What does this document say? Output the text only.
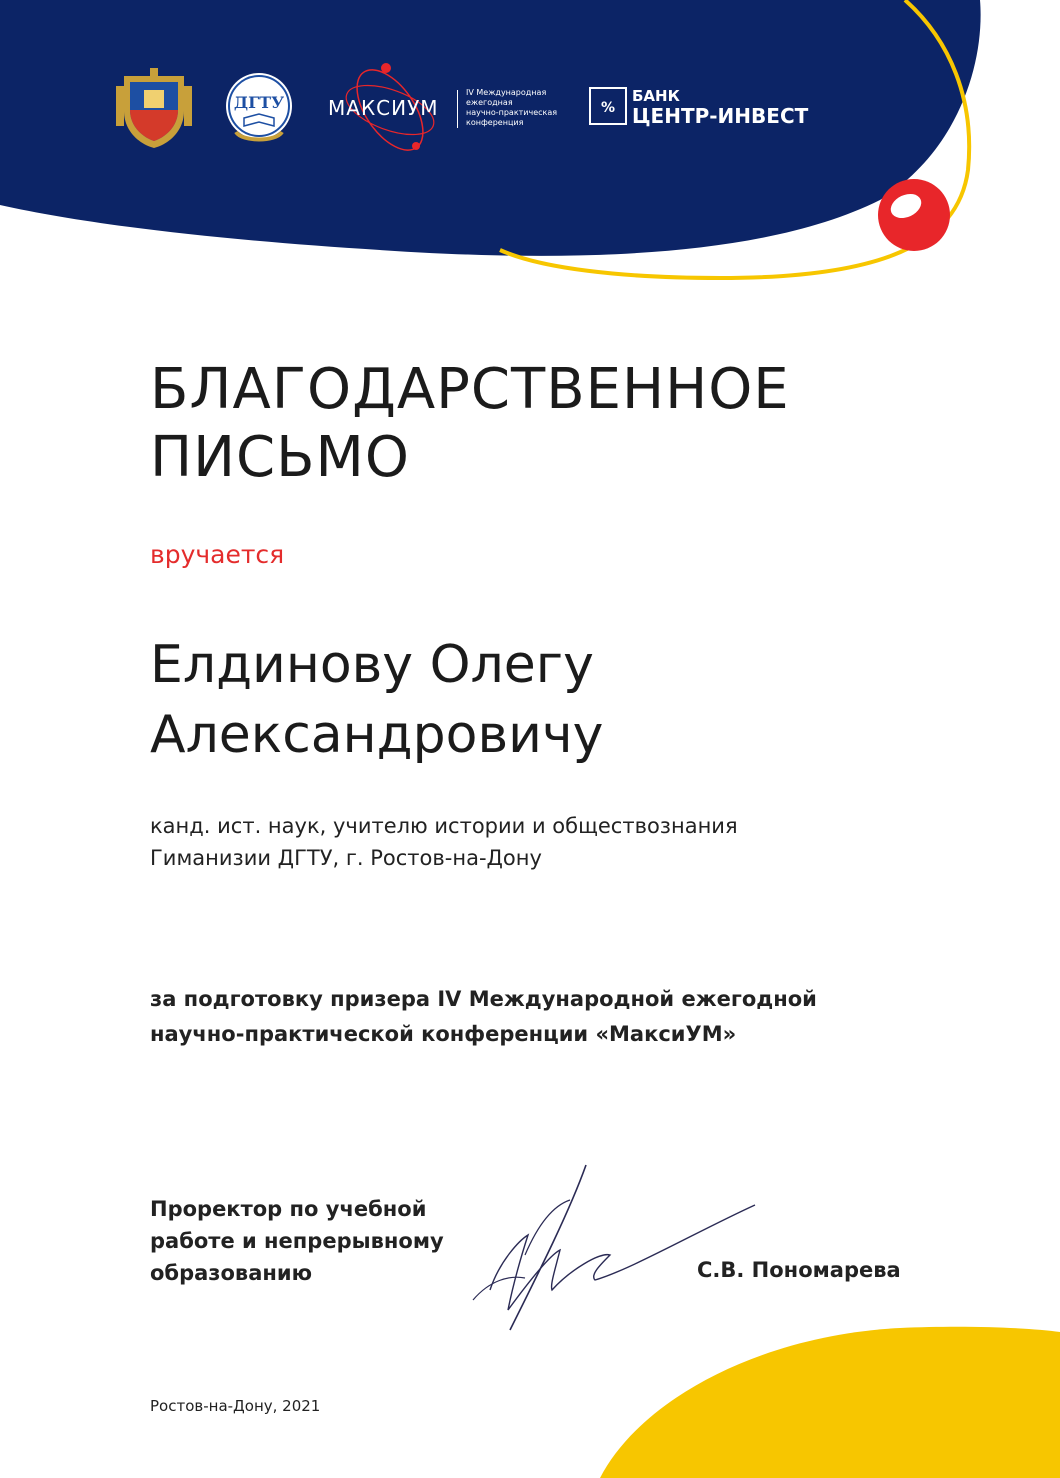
ДГТУ МАКСИУМ
IV Международная
ежегодная
научно-практическая
конференция
%
БАНК
ЦЕНТР-ИНВЕСТ
БЛАГОДАРСТВЕННОЕ
ПИСЬМО
вручается
Елдинову Олегу
Александровичу
канд. ист. наук, учителю истории и обществознания
Гиманизии ДГТУ, г. Ростов-на-Дону
за подготовку призера IV Международной ежегодной
научно-практической конференции «МаксиУМ»
Проректор по учебной
работе и непрерывному
образованию	С.В. Пономарева
Ростов-на-Дону, 2021
